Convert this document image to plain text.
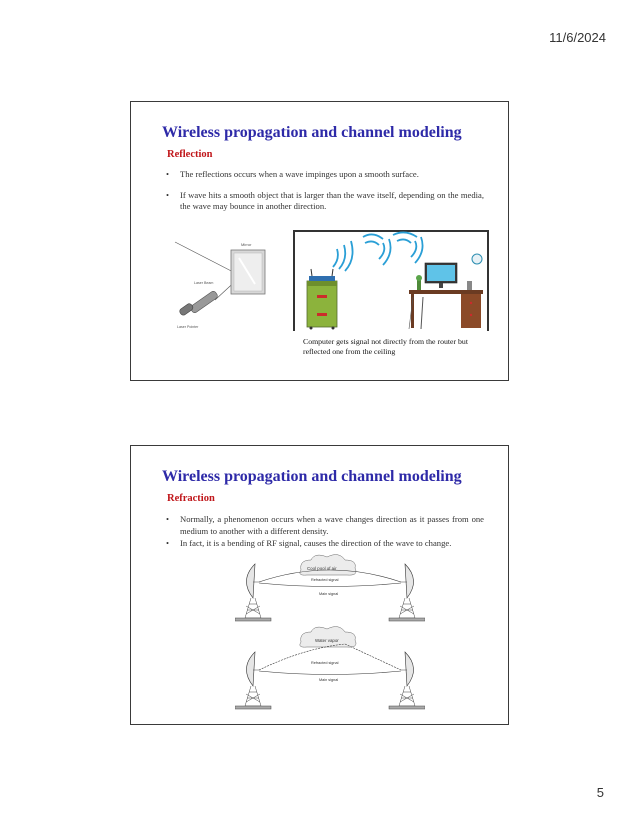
11/6/2024
Wireless propagation and channel modeling
Reflection
• The reflections occurs when a wave impinges upon a smooth surface.
• If wave hits a smooth object that is larger than the wave itself, depending on the media, the wave may bounce in another direction.
Mirror
Laser Beam
Laser Pointer
Computer gets signal not directly from the router but reflected one from the ceiling
Wireless propagation and channel modeling
Refraction
• Normally, a phenomenon occurs when a wave changes direction as it passes from one medium to another with a different density.
• In fact, it is a bending of RF signal, causes the direction of the wave to change.
Cool pool of air
Refracted signal
Main signal
Water vapor
Refracted signal
Main signal
5
